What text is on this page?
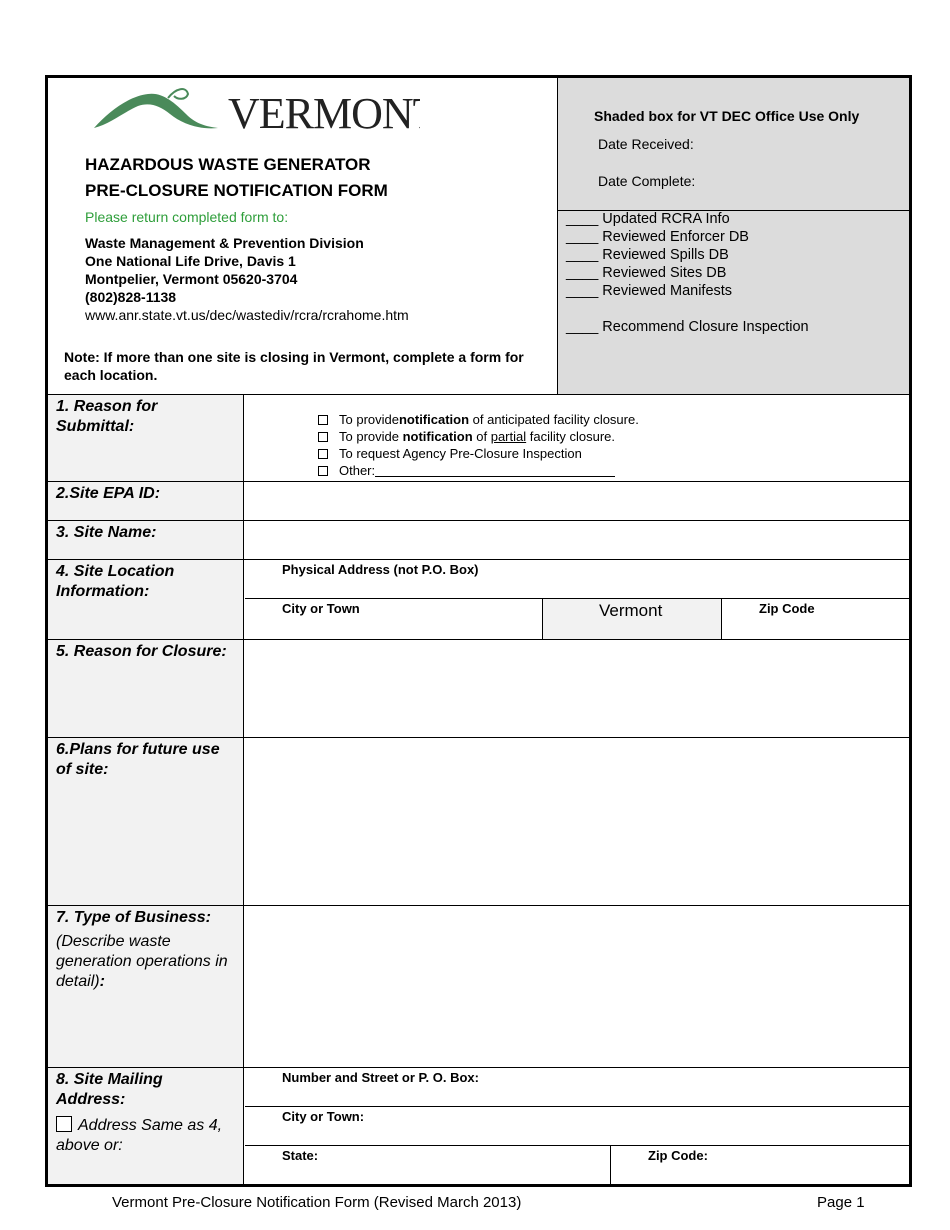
VERMONT
HAZARDOUS WASTE GENERATOR
PRE-CLOSURE NOTIFICATION FORM
Please return completed form to:
Waste Management & Prevention Division
One National Life Drive, Davis 1
Montpelier, Vermont 05620-3704
(802)828-1138
www.anr.state.vt.us/dec/wastediv/rcra/rcrahome.htm
Note: If more than one site is closing in Vermont, complete a form for each location.
Shaded box for VT DEC Office Use Only
Date Received:
Date Complete:
____ Updated RCRA Info
____ Reviewed Enforcer DB
____ Reviewed Spills DB
____ Reviewed Sites DB
____ Reviewed Manifests
____ Recommend Closure Inspection
1. Reason for Submittal:	To provide notification of anticipated facility closure.
To provide notification of partial facility closure.
To request Agency Pre-Closure Inspection
Other:
2.Site EPA ID:
3. Site Name:
4. Site Location Information:
Physical Address (not P.O. Box)
City or Town	Vermont	Zip Code
5. Reason for Closure:
6.Plans for future use of site:
7. Type of Business:
(Describe waste generation operations in detail):
8. Site Mailing Address:
Address Same as 4, above or:
Number and Street or P. O. Box:
City or Town:
State:	Zip Code:
Vermont Pre-Closure Notification Form (Revised March 2013)	Page 1
